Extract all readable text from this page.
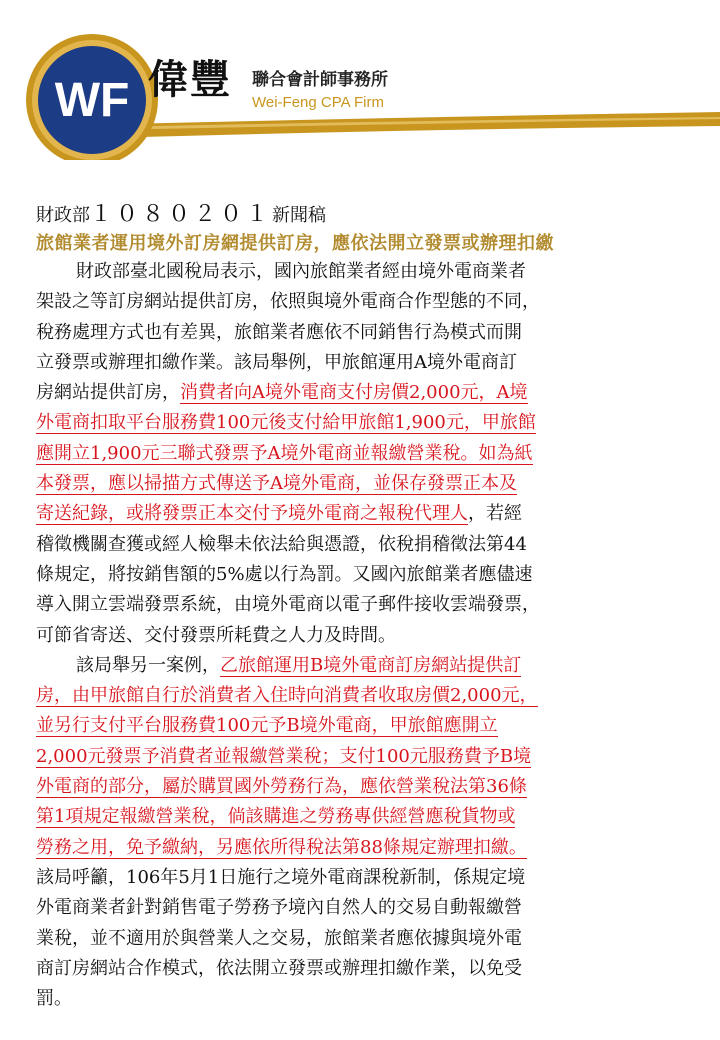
WF 偉豐 聯合會計師事務所
Wei-Feng CPA Firm
財政部１０８０２０１新聞稿
旅館業者運用境外訂房網提供訂房，應依法開立發票或辦理扣繳
財政部臺北國稅局表示，國內旅館業者經由境外電商業者
架設之等訂房網站提供訂房，依照與境外電商合作型態的不同，
稅務處理方式也有差異，旅館業者應依不同銷售行為模式而開
立發票或辦理扣繳作業。該局舉例，甲旅館運用A境外電商訂
房網站提供訂房，消費者向A境外電商支付房價2,000元，A境
外電商扣取平台服務費100元後支付給甲旅館1,900元，甲旅館
應開立1,900元三聯式發票予A境外電商並報繳營業稅。如為紙
本發票，應以掃描方式傳送予A境外電商，並保存發票正本及
寄送紀錄，或將發票正本交付予境外電商之報稅代理人，若經
稽徵機關查獲或經人檢舉未依法給與憑證，依稅捐稽徵法第44
條規定，將按銷售額的5%處以行為罰。又國內旅館業者應儘速
導入開立雲端發票系統，由境外電商以電子郵件接收雲端發票，
可節省寄送、交付發票所耗費之人力及時間。
該局舉另一案例，乙旅館運用B境外電商訂房網站提供訂
房，由甲旅館自行於消費者入住時向消費者收取房價2,000元，
並另行支付平台服務費100元予B境外電商，甲旅館應開立
2,000元發票予消費者並報繳營業稅；支付100元服務費予B境
外電商的部分，屬於購買國外勞務行為，應依營業稅法第36條
第1項規定報繳營業稅，倘該購進之勞務專供經營應稅貨物或
勞務之用，免予繳納，另應依所得稅法第88條規定辦理扣繳。
該局呼籲，106年5月1日施行之境外電商課稅新制，係規定境
外電商業者針對銷售電子勞務予境內自然人的交易自動報繳營
業稅，並不適用於與營業人之交易，旅館業者應依據與境外電
商訂房網站合作模式，依法開立發票或辦理扣繳作業，以免受
罰。
